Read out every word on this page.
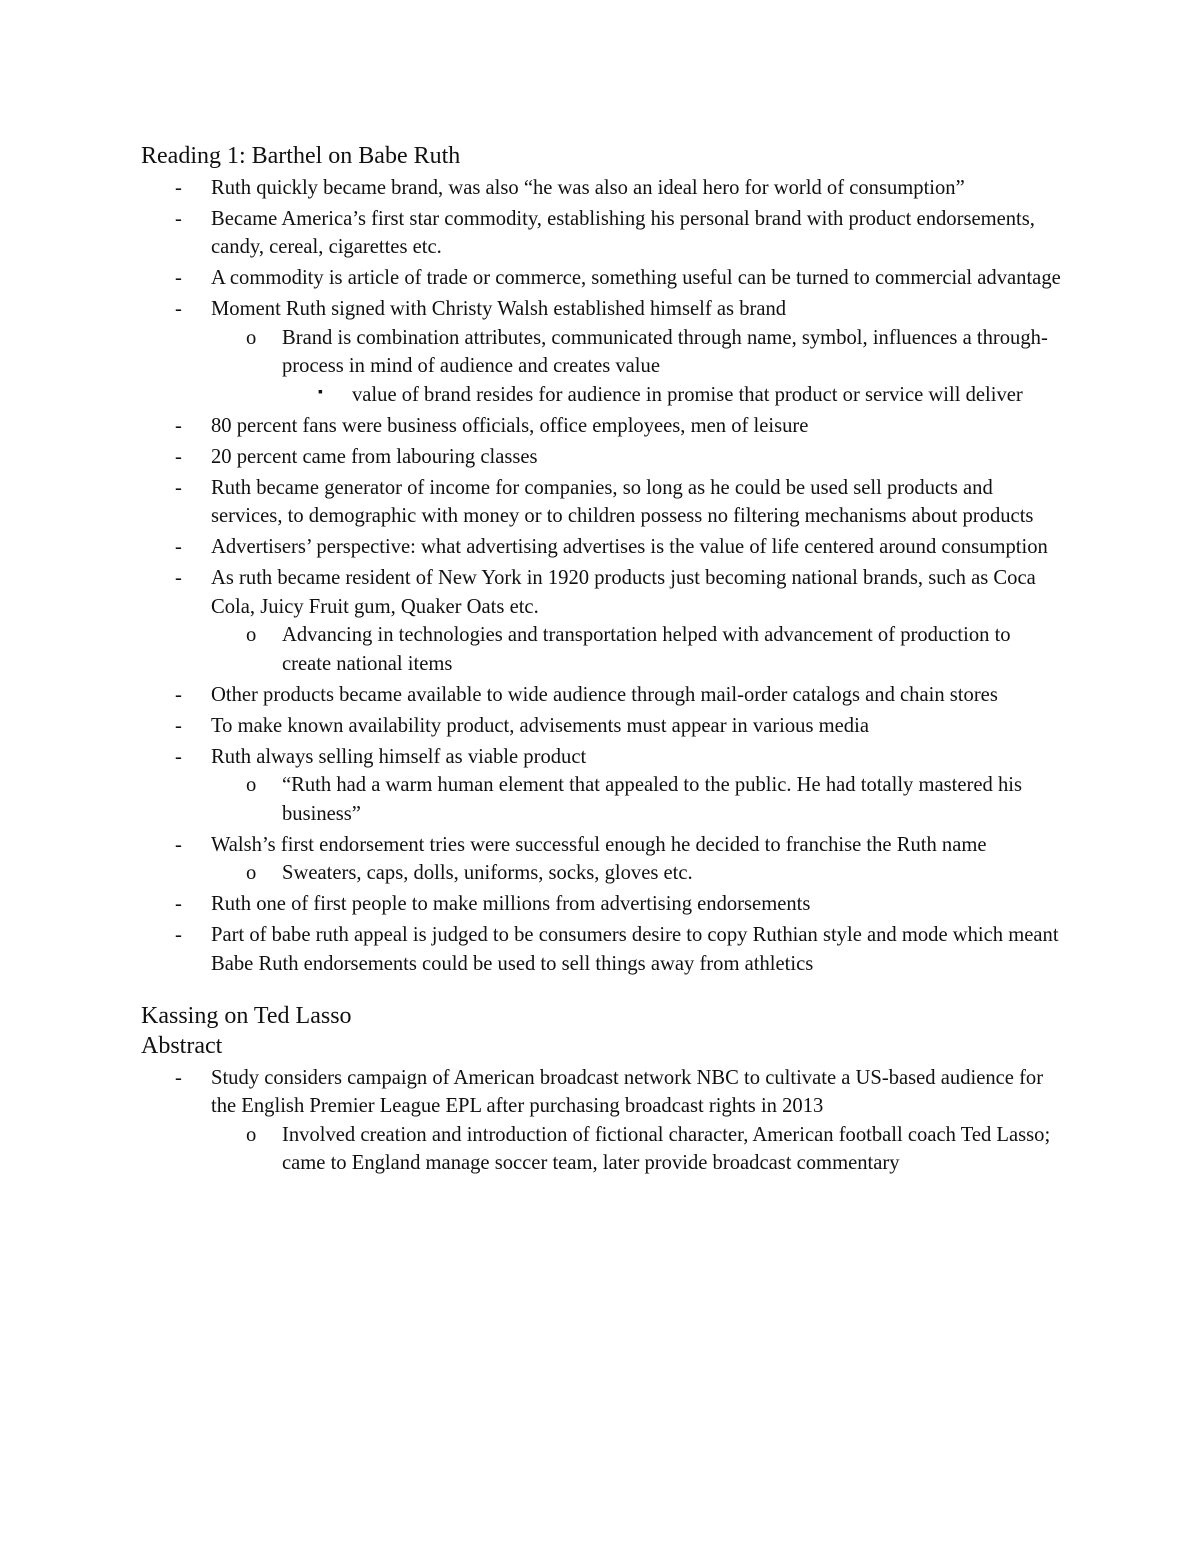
Reading 1: Barthel on Babe Ruth
- Ruth quickly became brand, was also “he was also an ideal hero for world of consumption”
- Became America’s first star commodity, establishing his personal brand with product endorsements, candy, cereal, cigarettes etc.
- A commodity is article of trade or commerce, something useful can be turned to commercial advantage
- Moment Ruth signed with Christy Walsh established himself as brand
o Brand is combination attributes, communicated through name, symbol, influences a through-process in mind of audience and creates value
▪ value of brand resides for audience in promise that product or service will deliver
- 80 percent fans were business officials, office employees, men of leisure
- 20 percent came from labouring classes
- Ruth became generator of income for companies, so long as he could be used sell products and services, to demographic with money or to children possess no filtering mechanisms about products
- Advertisers’ perspective: what advertising advertises is the value of life centered around consumption
- As ruth became resident of New York in 1920 products just becoming national brands, such as Coca Cola, Juicy Fruit gum, Quaker Oats etc.
o Advancing in technologies and transportation helped with advancement of production to create national items
- Other products became available to wide audience through mail-order catalogs and chain stores
- To make known availability product, advisements must appear in various media
- Ruth always selling himself as viable product
o “Ruth had a warm human element that appealed to the public. He had totally mastered his business”
- Walsh’s first endorsement tries were successful enough he decided to franchise the Ruth name
o Sweaters, caps, dolls, uniforms, socks, gloves etc.
- Ruth one of first people to make millions from advertising endorsements
- Part of babe ruth appeal is judged to be consumers desire to copy Ruthian style and mode which meant Babe Ruth endorsements could be used to sell things away from athletics
Kassing on Ted Lasso
Abstract
- Study considers campaign of American broadcast network NBC to cultivate a US-based audience for the English Premier League EPL after purchasing broadcast rights in 2013
o Involved creation and introduction of fictional character, American football coach Ted Lasso; came to England manage soccer team, later provide broadcast commentary
